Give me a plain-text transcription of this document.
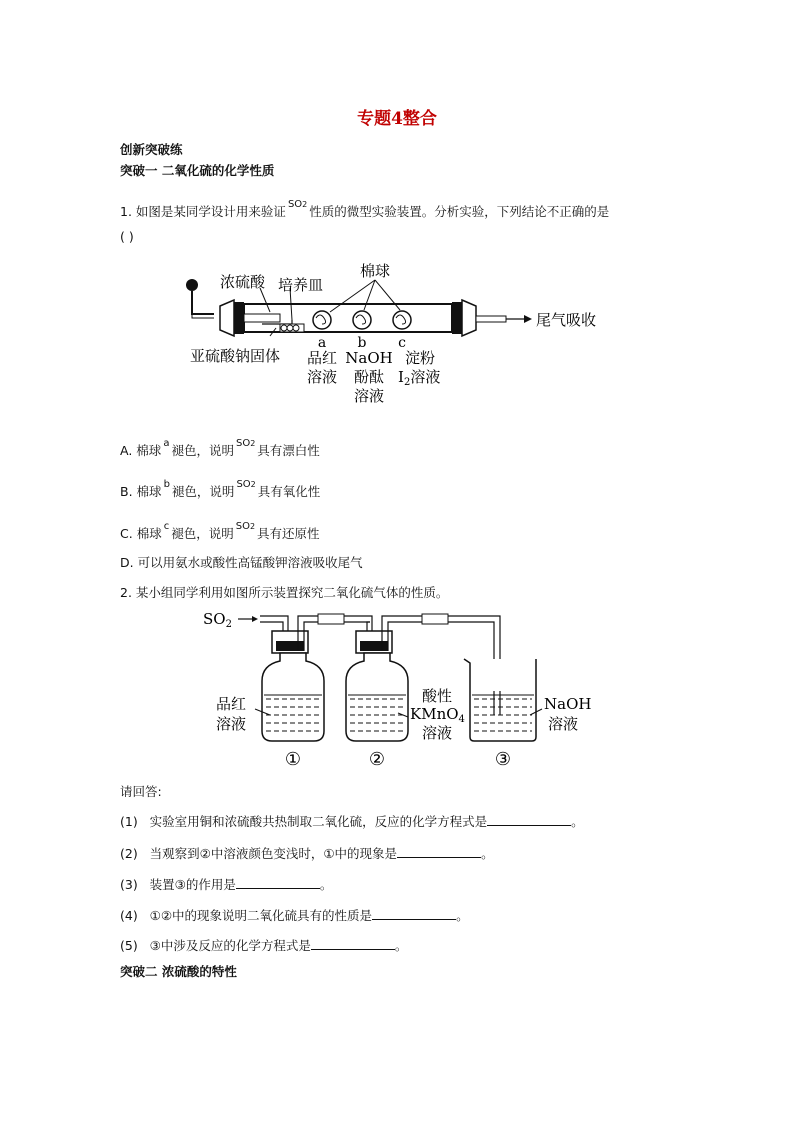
专题4整合
创新突破练
突破一 二氧化硫的化学性质
1. 如图是某同学设计用来验证 $^{SO2}$ 性质的微型实验装置。分析实验，下列结论不正确的是
( )
浓硫酸 培养皿
棉球
尾气吸收
亚硫酸钠固体
a b c
品红
溶液
NaOH
酚酞
溶液
淀粉
$I_2$溶液
A. 棉球 $^a$ 褪色，说明 $^{SO2}$ 具有漂白性
B. 棉球 $^b$ 褪色，说明 $^{SO2}$ 具有氧化性
C. 棉球 $^c$ 褪色，说明 $^{SO2}$ 具有还原性
D. 可以用氨水或酸性高锰酸钾溶液吸收尾气
2. 某小组同学利用如图所示装置探究二氧化硫气体的性质。
$SO_2$
品红
溶液
酸性
KMnO$_4$
溶液
NaOH
溶液
①	②	③
请回答:
(1) 实验室用铜和浓硫酸共热制取二氧化硫，反应的化学方程式是	。
(2) 当观察到②中溶液颜色变浅时，①中的现象是	。
(3) 装置③的作用是	。
(4) ①②中的现象说明二氧化硫具有的性质是	。
(5) ③中涉及反应的化学方程式是	。
突破二 浓硫酸的特性
